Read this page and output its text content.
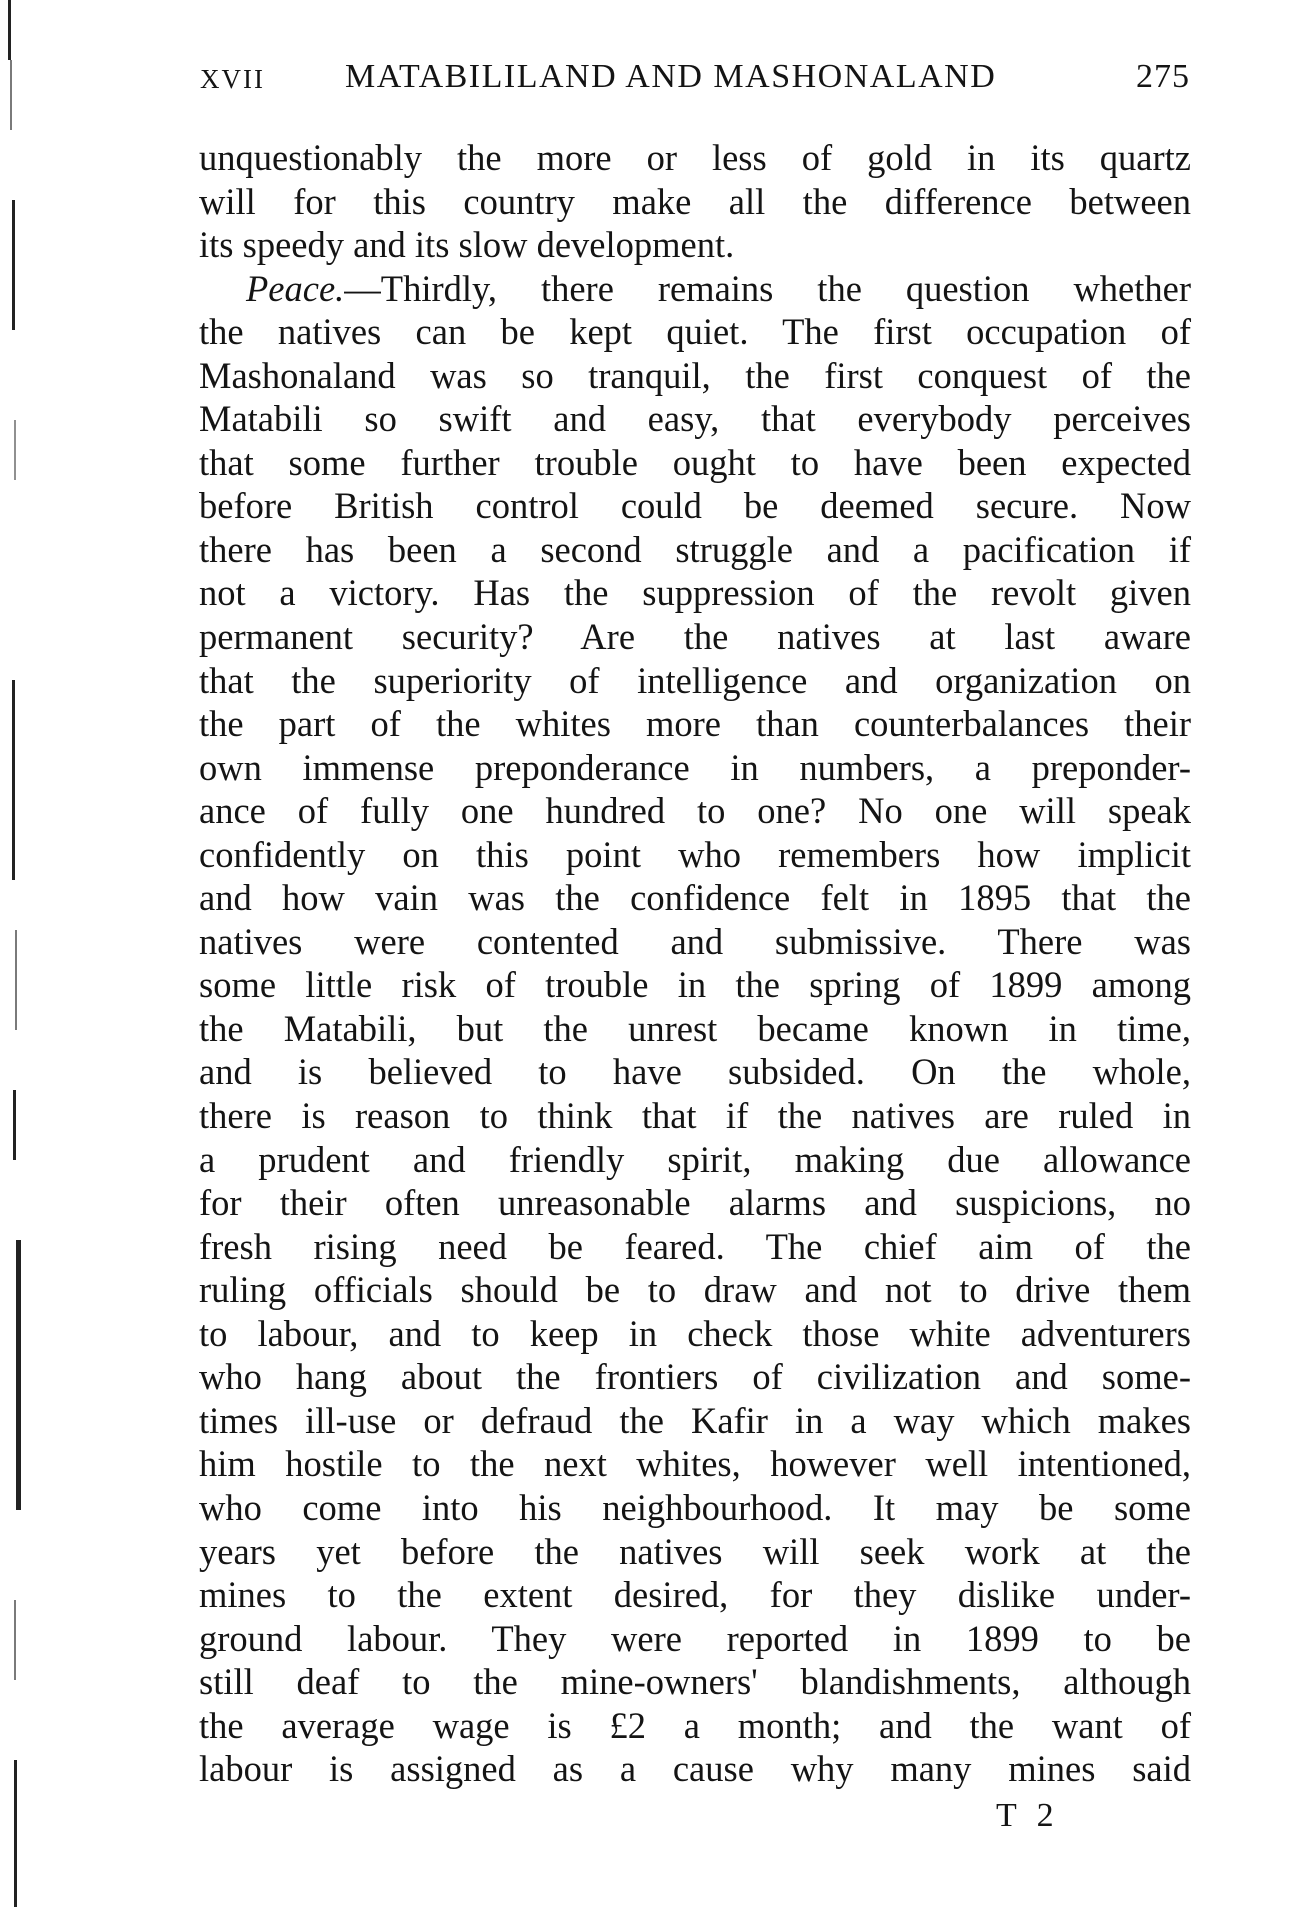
XVII MATABILILAND AND MASHONALAND	275
unquestionably the more or less of gold in its quartz
will for this country make all the difference between
its speedy and its slow development.
Peace.—Thirdly, there remains the question whether
the natives can be kept quiet. The first occupation of
Mashonaland was so tranquil, the first conquest of the
Matabili so swift and easy, that everybody perceives
that some further trouble ought to have been expected
before British control could be deemed secure. Now
there has been a second struggle and a pacification if
not a victory. Has the suppression of the revolt given
permanent security? Are the natives at last aware
that the superiority of intelligence and organization on
the part of the whites more than counterbalances their
own immense preponderance in numbers, a preponder-
ance of fully one hundred to one? No one will speak
confidently on this point who remembers how implicit
and how vain was the confidence felt in 1895 that the
natives were contented and submissive. There was
some little risk of trouble in the spring of 1899 among
the Matabili, but the unrest became known in time,
and is believed to have subsided. On the whole,
there is reason to think that if the natives are ruled in
a prudent and friendly spirit, making due allowance
for their often unreasonable alarms and suspicions, no
fresh rising need be feared. The chief aim of the
ruling officials should be to draw and not to drive them
to labour, and to keep in check those white adventurers
who hang about the frontiers of civilization and some-
times ill-use or defraud the Kafir in a way which makes
him hostile to the next whites, however well intentioned,
who come into his neighbourhood. It may be some
years yet before the natives will seek work at the
mines to the extent desired, for they dislike under-
ground labour. They were reported in 1899 to be
still deaf to the mine-owners' blandishments, although
the average wage is £2 a month; and the want of
labour is assigned as a cause why many mines said
T 2
